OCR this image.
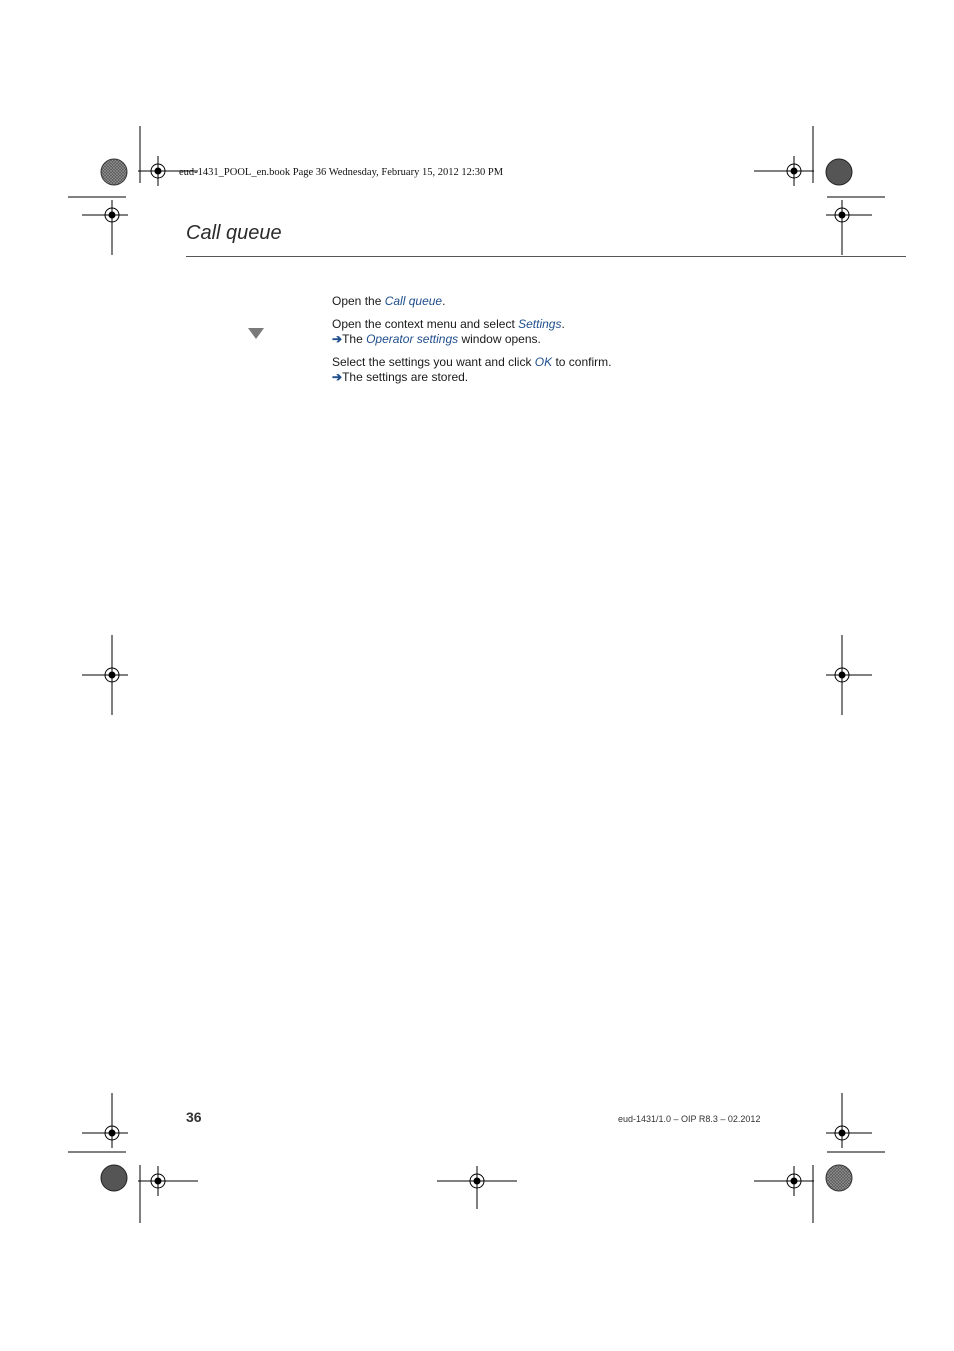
eud-1431_POOL_en.book Page 36 Wednesday, February 15, 2012 12:30 PM
Call queue
Open the Call queue.
Open the context menu and select Settings.
➔The Operator settings window opens.
Select the settings you want and click OK to confirm.
➔The settings are stored.
36	eud-1431/1.0 – OIP R8.3 – 02.2012
